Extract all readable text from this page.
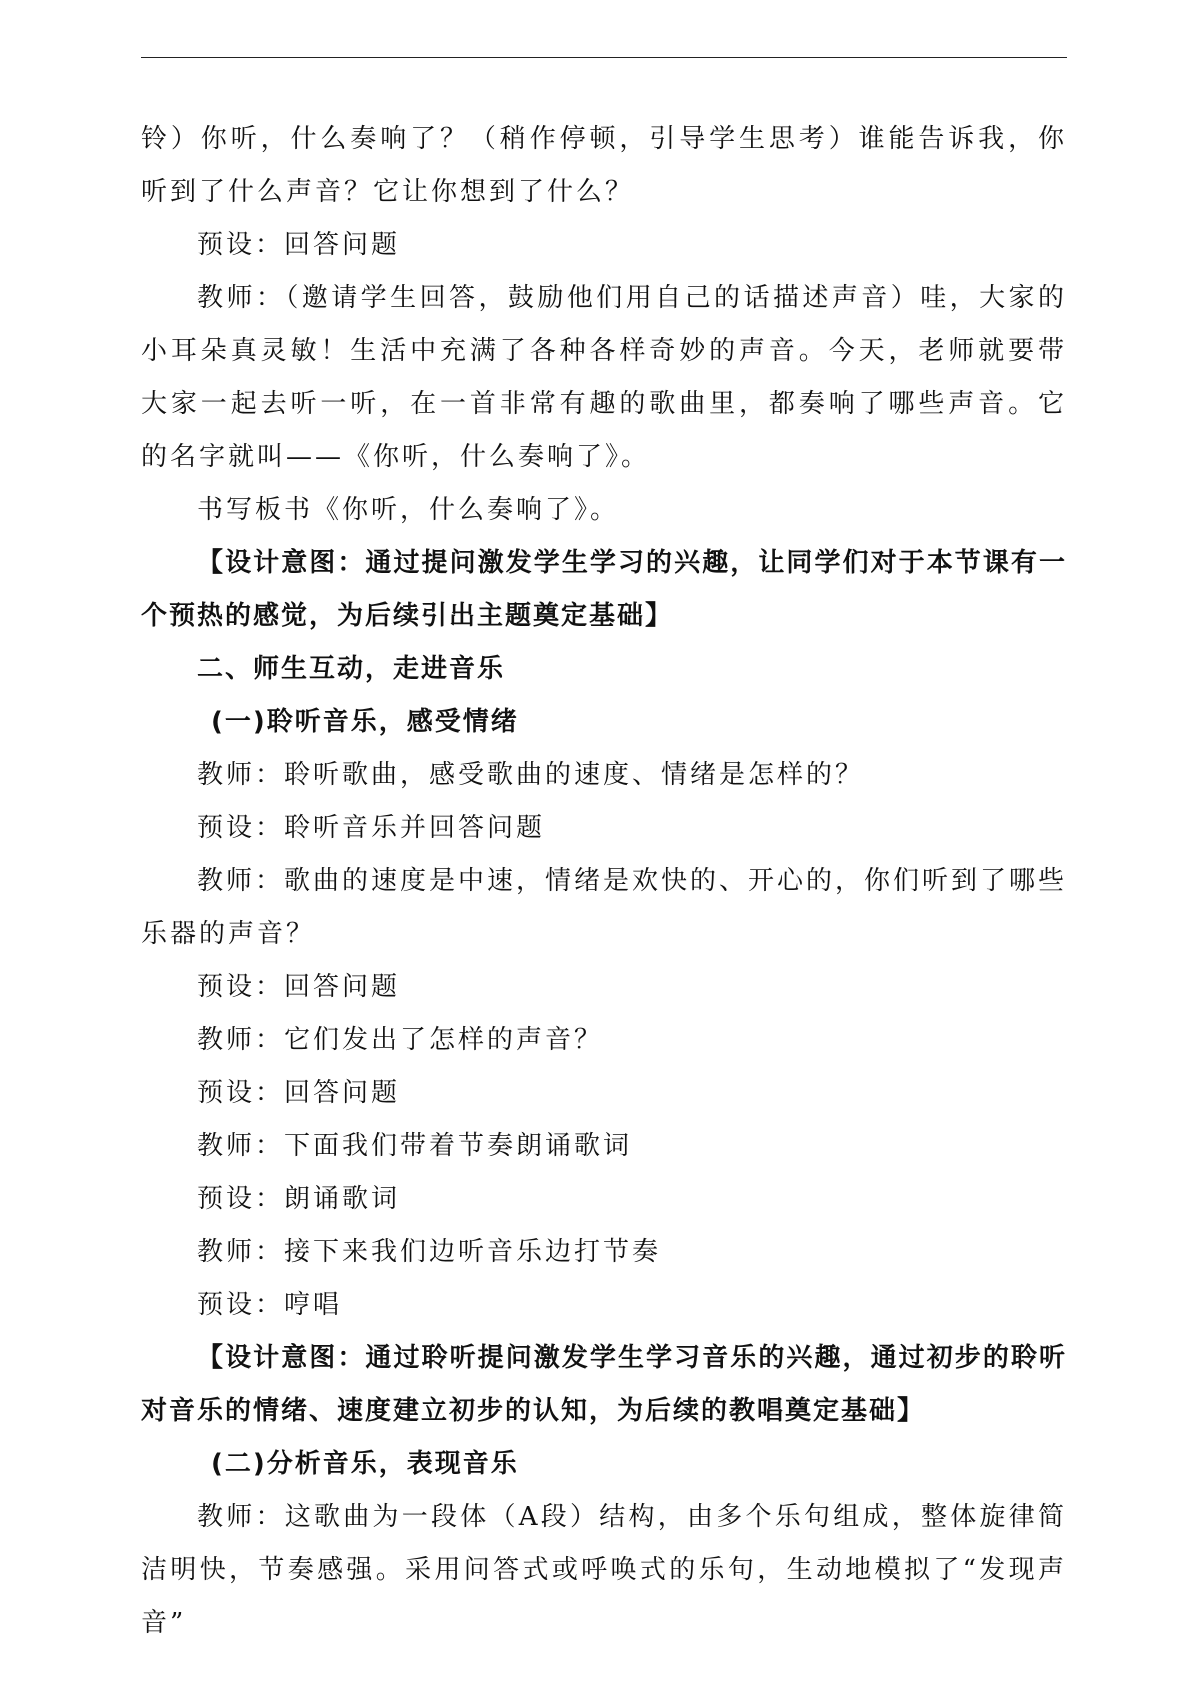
铃）你听，什么奏响了？（稍作停顿，引导学生思考）谁能告诉我，你听到了什么声音？它让你想到了什么？

预设：回答问题

教师：（邀请学生回答，鼓励他们用自己的话描述声音）哇，大家的小耳朵真灵敏！生活中充满了各种各样奇妙的声音。今天，老师就要带大家一起去听一听，在一首非常有趣的歌曲里，都奏响了哪些声音。它的名字就叫——《你听，什么奏响了》。

书写板书《你听，什么奏响了》。

【设计意图：通过提问激发学生学习的兴趣，让同学们对于本节课有一个预热的感觉，为后续引出主题奠定基础】

二、师生互动，走进音乐

(一)聆听音乐，感受情绪

教师：聆听歌曲，感受歌曲的速度、情绪是怎样的？

预设：聆听音乐并回答问题

教师：歌曲的速度是中速，情绪是欢快的、开心的，你们听到了哪些乐器的声音？

预设：回答问题

教师：它们发出了怎样的声音？

预设：回答问题

教师：下面我们带着节奏朗诵歌词

预设：朗诵歌词

教师：接下来我们边听音乐边打节奏

预设：哼唱

【设计意图：通过聆听提问激发学生学习音乐的兴趣，通过初步的聆听对音乐的情绪、速度建立初步的认知，为后续的教唱奠定基础】

(二)分析音乐，表现音乐

教师：这歌曲为一段体（A段）结构，由多个乐句组成，整体旋律简洁明快，节奏感强。采用问答式或呼唤式的乐句，生动地模拟了“发现声音”
